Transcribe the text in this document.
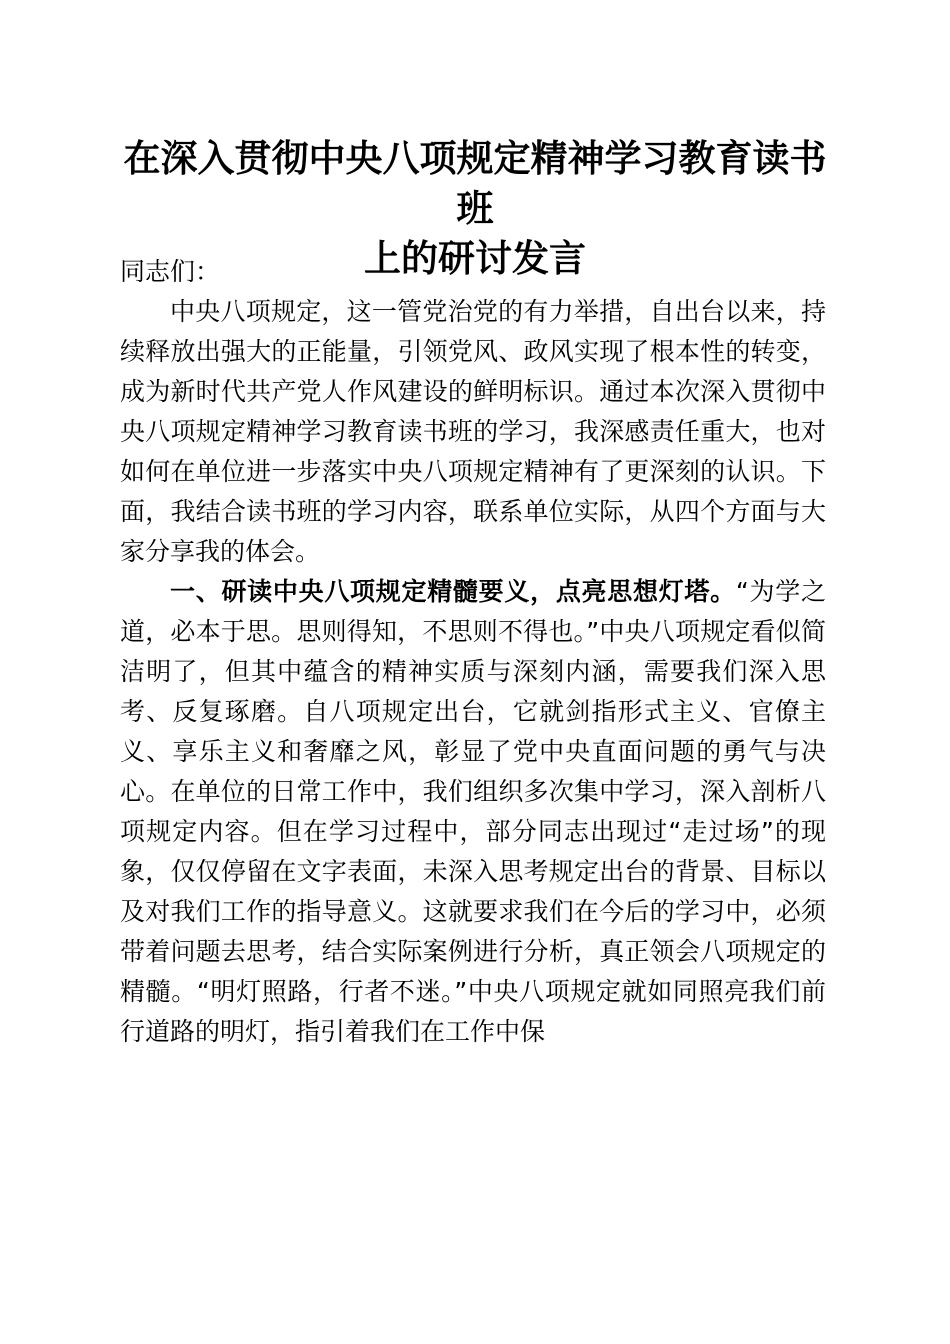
在深入贯彻中央八项规定精神学习教育读书班
上的研讨发言

同志们：

中央八项规定，这一管党治党的有力举措，自出台以来，持续释放出强大的正能量，引领党风、政风实现了根本性的转变，成为新时代共产党人作风建设的鲜明标识。通过本次深入贯彻中央八项规定精神学习教育读书班的学习，我深感责任重大，也对如何在单位进一步落实中央八项规定精神有了更深刻的认识。下面，我结合读书班的学习内容，联系单位实际，从四个方面与大家分享我的体会。

一、研读中央八项规定精髓要义，点亮思想灯塔。“为学之道，必本于思。思则得知，不思则不得也。”中央八项规定看似简洁明了，但其中蕴含的精神实质与深刻内涵，需要我们深入思考、反复琢磨。自八项规定出台，它就剑指形式主义、官僚主义、享乐主义和奢靡之风，彰显了党中央直面问题的勇气与决心。在单位的日常工作中，我们组织多次集中学习，深入剖析八项规定内容。但在学习过程中，部分同志出现过“走过场”的现象，仅仅停留在文字表面，未深入思考规定出台的背景、目标以及对我们工作的指导意义。这就要求我们在今后的学习中，必须带着问题去思考，结合实际案例进行分析，真正领会八项规定的精髓。“明灯照路，行者不迷。”中央八项规定就如同照亮我们前行道路的明灯，指引着我们在工作中保
